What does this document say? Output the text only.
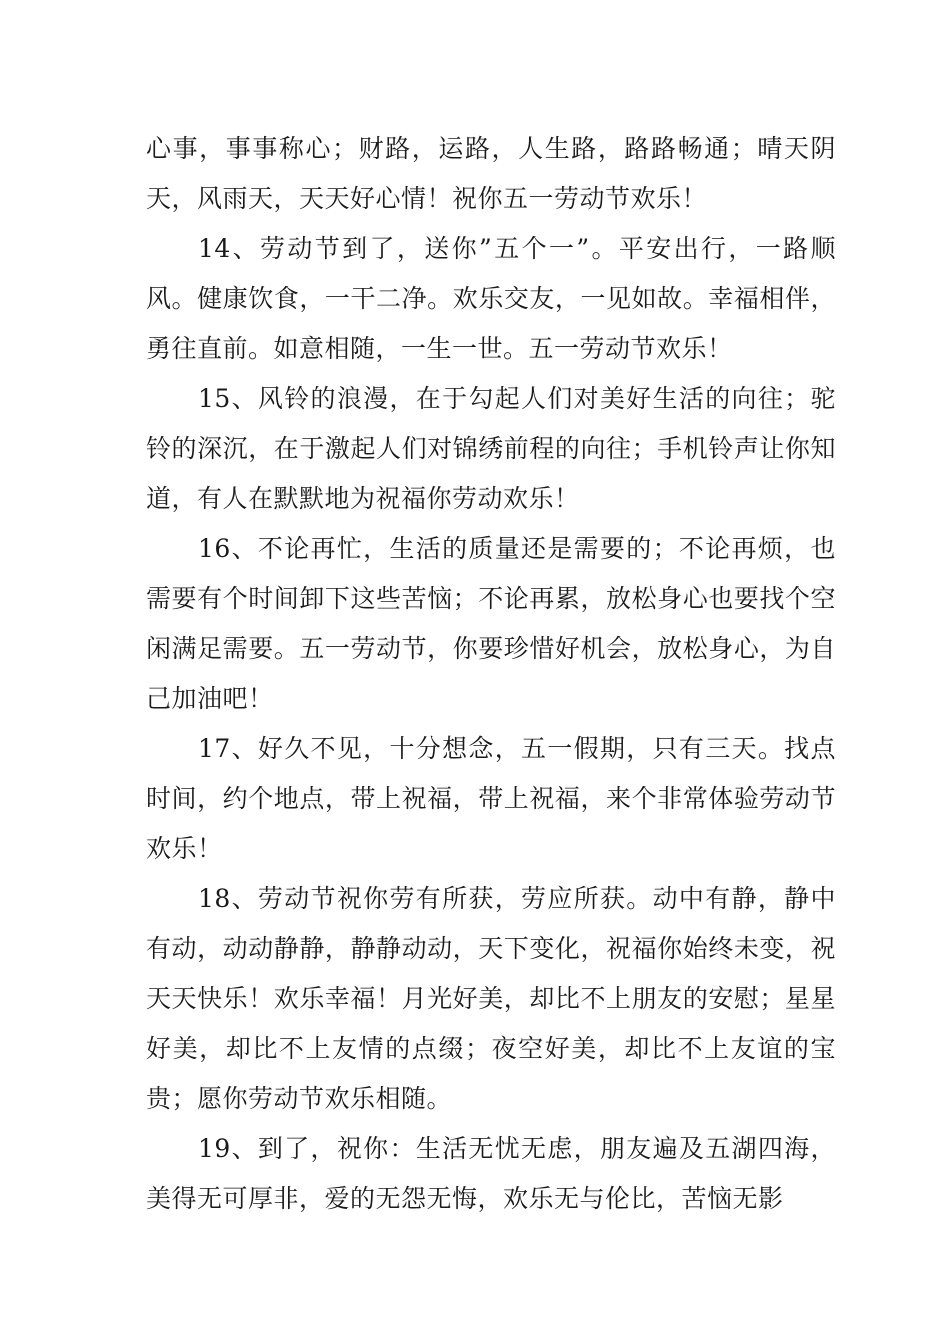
心事，事事称心；财路，运路，人生路，路路畅通；晴天阴天，风雨天，天天好心情！祝你五一劳动节欢乐！

14、劳动节到了，送你”五个一”。平安出行，一路顺风。健康饮食，一干二净。欢乐交友，一见如故。幸福相伴，勇往直前。如意相随，一生一世。五一劳动节欢乐！

15、风铃的浪漫，在于勾起人们对美好生活的向往；驼铃的深沉，在于激起人们对锦绣前程的向往；手机铃声让你知道，有人在默默地为祝福你劳动欢乐！

16、不论再忙，生活的质量还是需要的；不论再烦，也需要有个时间卸下这些苦恼；不论再累，放松身心也要找个空闲满足需要。五一劳动节，你要珍惜好机会，放松身心，为自己加油吧！

17、好久不见，十分想念，五一假期，只有三天。找点时间，约个地点，带上祝福，带上祝福，来个非常体验劳动节欢乐！

18、劳动节祝你劳有所获，劳应所获。动中有静，静中有动，动动静静，静静动动，天下变化，祝福你始终未变，祝天天快乐！欢乐幸福！月光好美，却比不上朋友的安慰；星星好美，却比不上友情的点缀；夜空好美，却比不上友谊的宝贵；愿你劳动节欢乐相随。

19、到了，祝你：生活无忧无虑，朋友遍及五湖四海，美得无可厚非，爱的无怨无悔，欢乐无与伦比，苦恼无影
